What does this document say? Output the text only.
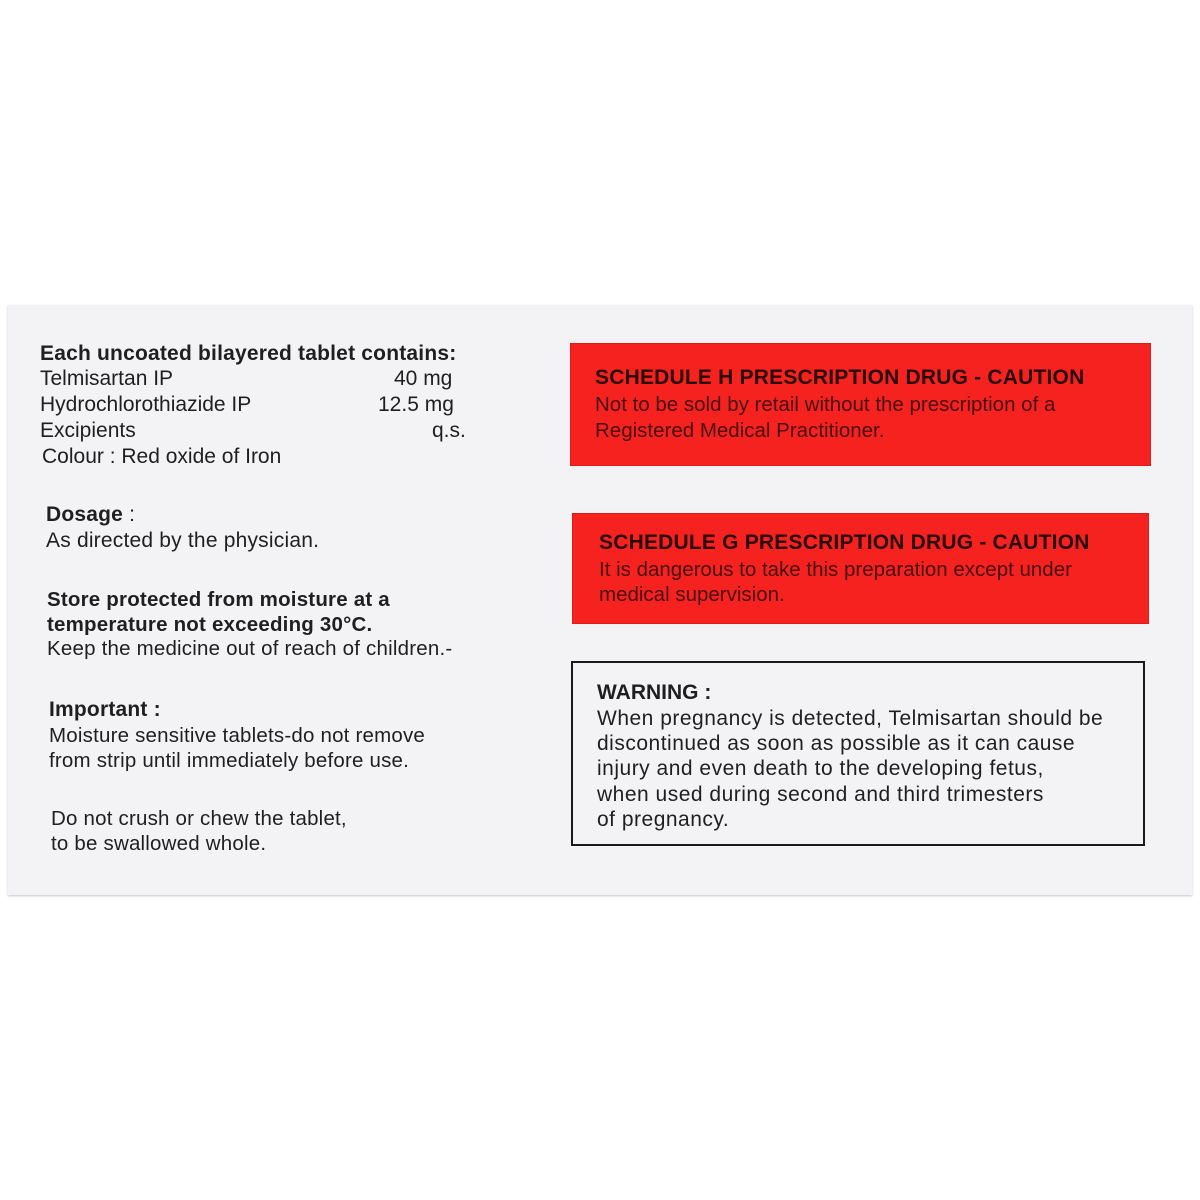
Each uncoated bilayered tablet contains:
Telmisartan IP	40 mg
Hydrochlorothiazide IP	12.5 mg
Excipients	q.s.
Colour : Red oxide of Iron
Dosage :
As directed by the physician.
Store protected from moisture at a
temperature not exceeding 30°C.
Keep the medicine out of reach of children.-
Important :
Moisture sensitive tablets-do not remove
from strip until immediately before use.
Do not crush or chew the tablet,
to be swallowed whole.
SCHEDULE H PRESCRIPTION DRUG - CAUTION
Not to be sold by retail without the prescription of a
Registered Medical Practitioner.
SCHEDULE G PRESCRIPTION DRUG - CAUTION
It is dangerous to take this preparation except under
medical supervision.
WARNING :
When pregnancy is detected, Telmisartan should be
discontinued as soon as possible as it can cause
injury and even death to the developing fetus,
when used during second and third trimesters
of pregnancy.
